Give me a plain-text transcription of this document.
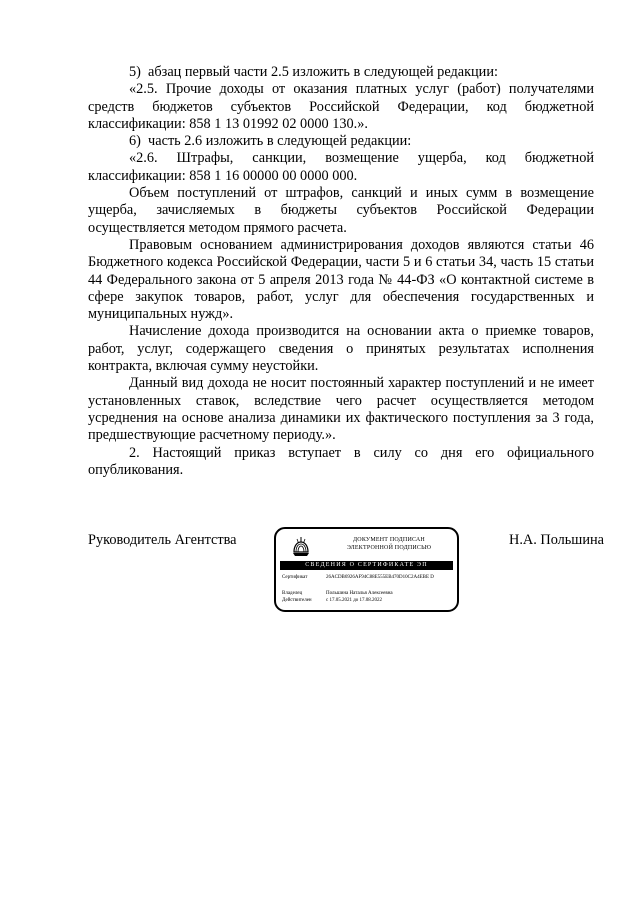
5)  абзац первый части 2.5 изложить в следующей редакции:

«2.5. Прочие доходы от оказания платных услуг (работ) получателями средств бюджетов субъектов Российской Федерации, код бюджетной классификации: 858 1 13 01992 02 0000 130.».

6)  часть 2.6 изложить в следующей редакции:

«2.6. Штрафы, санкции, возмещение ущерба, код бюджетной классификации: 858 1 16 00000 00 0000 000.

Объем поступлений от штрафов, санкций и иных сумм в возмещение ущерба, зачисляемых в бюджеты субъектов Российской Федерации осуществляется методом прямого расчета.

Правовым основанием администрирования доходов являются статьи 46 Бюджетного кодекса Российской Федерации, части 5 и 6 статьи 34, часть 15 статьи 44 Федерального закона от 5 апреля 2013 года № 44-ФЗ «О контактной системе в сфере закупок товаров, работ, услуг для обеспечения государственных и муниципальных нужд».

Начисление дохода производится на основании акта о приемке товаров, работ, услуг, содержащего сведения о принятых результатах исполнения контракта, включая сумму неустойки.

Данный вид дохода не носит постоянный характер поступлений и не имеет установленных ставок, вследствие чего расчет осуществляется методом усреднения на основе анализа динамики их фактического поступления за 3 года, предшествующие расчетному периоду.».

2. Настоящий приказ вступает в силу со дня его официального опубликования.

Руководитель Агентства	Н.А. Польшина
ДОКУМЕНТ ПОДПИСАН
ЭЛЕКТРОННОЙ ПОДПИСЬЮ
СВЕДЕНИЯ О СЕРТИФИКАТЕ ЭП
Сертификат	26ACDB6926AF94C88E555EB470D10C2A4EBE D
Владелец	Польшина Наталья Алексеевна
Действителен	с 17.05.2021 до 17.08.2022
